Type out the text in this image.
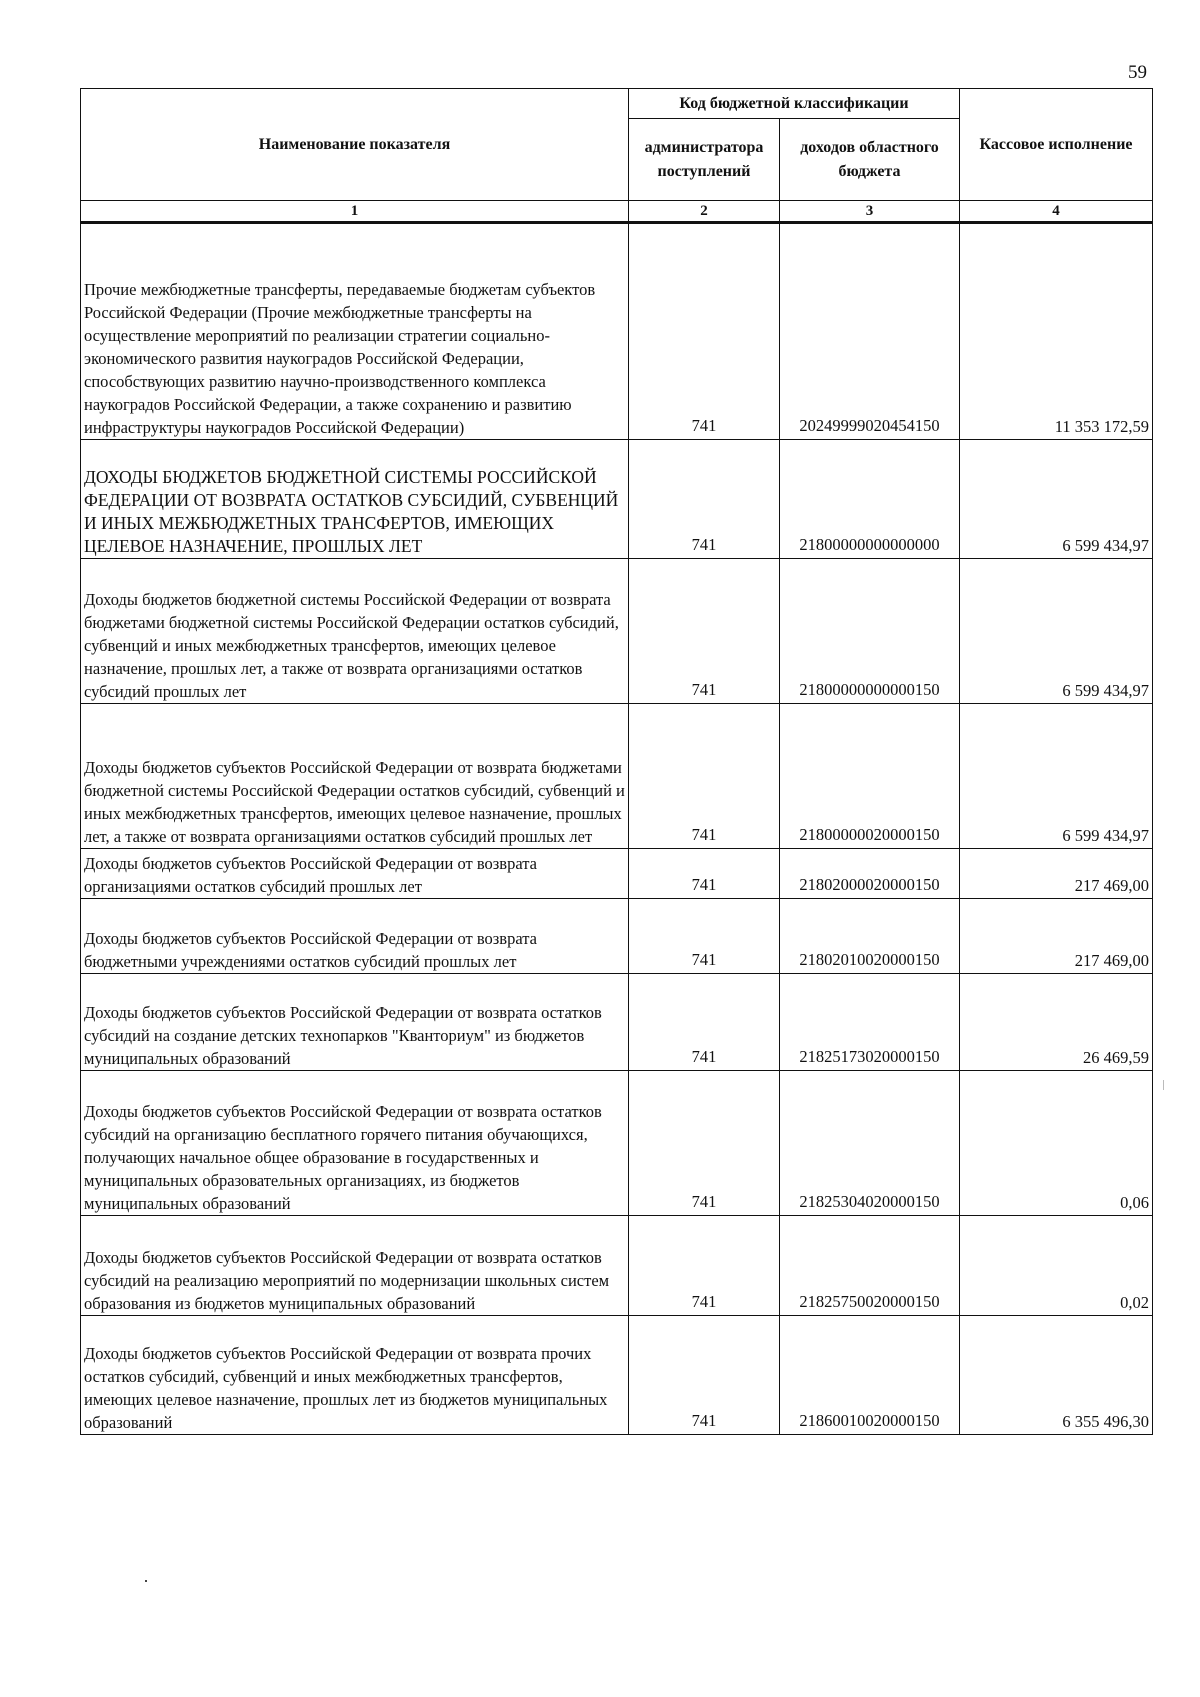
59
Наименование показателя	Код бюджетной классификации		Кассовое исполнение
	администратора поступлений	доходов областного бюджета	
1	2	3	4
Прочие межбюджетные трансферты, передаваемые бюджетам субъектов Российской Федерации (Прочие межбюджетные трансферты на осуществление мероприятий по реализации стратегии социально-экономического развития наукоградов Российской Федерации, способствующих развитию научно-производственного комплекса наукоградов Российской Федерации, а также сохранению и развитию инфраструктуры наукоградов Российской Федерации)	741	20249999020454150	11 353 172,59
ДОХОДЫ БЮДЖЕТОВ БЮДЖЕТНОЙ СИСТЕМЫ РОССИЙСКОЙ ФЕДЕРАЦИИ ОТ ВОЗВРАТА ОСТАТКОВ СУБСИДИЙ, СУБВЕНЦИЙ И ИНЫХ МЕЖБЮДЖЕТНЫХ ТРАНСФЕРТОВ, ИМЕЮЩИХ ЦЕЛЕВОЕ НАЗНАЧЕНИЕ, ПРОШЛЫХ ЛЕТ	741	21800000000000000	6 599 434,97
Доходы бюджетов бюджетной системы Российской Федерации от возврата бюджетами бюджетной системы Российской Федерации остатков субсидий, субвенций и иных межбюджетных трансфертов, имеющих целевое назначение, прошлых лет, а также от возврата организациями остатков субсидий прошлых лет	741	21800000000000150	6 599 434,97
Доходы бюджетов субъектов Российской Федерации от возврата бюджетами бюджетной системы Российской Федерации остатков субсидий, субвенций и иных межбюджетных трансфертов, имеющих целевое назначение, прошлых лет, а также от возврата организациями остатков субсидий прошлых лет	741	21800000020000150	6 599 434,97
Доходы бюджетов субъектов Российской Федерации от возврата организациями остатков субсидий прошлых лет	741	21802000020000150	217 469,00
Доходы бюджетов субъектов Российской Федерации от возврата бюджетными учреждениями остатков субсидий прошлых лет	741	21802010020000150	217 469,00
Доходы бюджетов субъектов Российской Федерации от возврата остатков субсидий на создание детских технопарков "Кванториум" из бюджетов муниципальных образований	741	21825173020000150	26 469,59
Доходы бюджетов субъектов Российской Федерации от возврата остатков субсидий на организацию бесплатного горячего питания обучающихся, получающих начальное общее образование в государственных и муниципальных образовательных организациях, из бюджетов муниципальных образований	741	21825304020000150	0,06
Доходы бюджетов субъектов Российской Федерации от возврата остатков субсидий на реализацию мероприятий по модернизации школьных систем образования из бюджетов муниципальных образований	741	21825750020000150	0,02
Доходы бюджетов субъектов Российской Федерации от возврата прочих остатков субсидий, субвенций и иных межбюджетных трансфертов, имеющих целевое назначение, прошлых лет из бюджетов муниципальных образований	741	21860010020000150	6 355 496,30
